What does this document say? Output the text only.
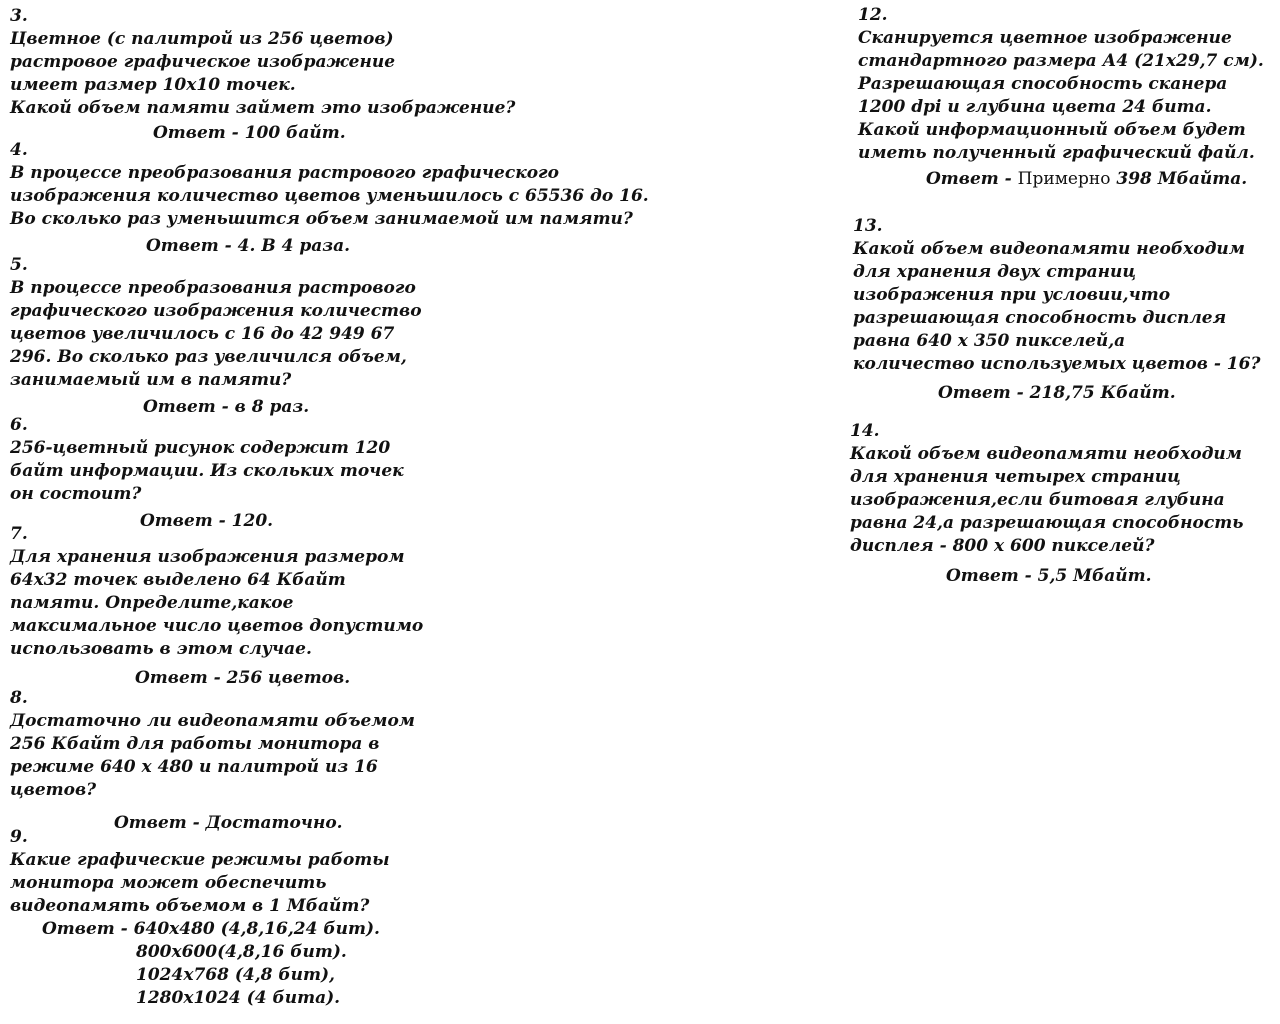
3.
Цветное (с палитрой из 256 цветов)
растровое графическое изображение
имеет размер 10х10 точек.
Какой объем памяти займет это изображение?
Ответ - 100 байт.
4.
В процессе преобразования растрового графического
изображения количество цветов уменьшилось с 65536 до 16.
Во сколько раз уменьшится объем занимаемой им памяти?
Ответ - 4. В 4 раза.
5.
В процессе преобразования растрового
графического изображения количество
цветов увеличилось с 16 до 42 949 67
296. Во сколько раз увеличился объем,
занимаемый им в памяти?
Ответ - в 8 раз.
6.
256-цветный рисунок содержит 120
байт информации. Из скольких точек
он состоит?
Ответ - 120.
7.
Для хранения изображения размером
64х32 точек выделено 64 Кбайт
памяти. Определите,какое
максимальное число цветов допустимо
использовать в этом случае.
Ответ - 256 цветов.
8.
Достаточно ли видеопамяти объемом
256 Кбайт для работы монитора в
режиме 640 х 480 и палитрой из 16
цветов?
Ответ - Достаточно.
9.
Какие графические режимы работы
монитора может обеспечить
видеопамять объемом в 1 Мбайт?
Ответ - 640х480 (4,8,16,24 бит).
800х600(4,8,16 бит).
1024х768 (4,8 бит),
1280х1024 (4 бита).
12.
Сканируется цветное изображение
стандартного размера А4 (21х29,7 см).
Разрешающая способность сканера
1200 dpi и глубина цвета 24 бита.
Какой информационный объем будет
иметь полученный графический файл.
Ответ - Примерно 398 Мбайта.
13.
Какой объем видеопамяти необходим
для хранения двух страниц
изображения при условии,что
разрешающая способность дисплея
равна 640 х 350 пикселей,а
количество используемых цветов - 16?
Ответ - 218,75 Кбайт.
14.
Какой объем видеопамяти необходим
для хранения четырех страниц
изображения,если битовая глубина
равна 24,а разрешающая способность
дисплея - 800 х 600 пикселей?
Ответ - 5,5 Мбайт.
